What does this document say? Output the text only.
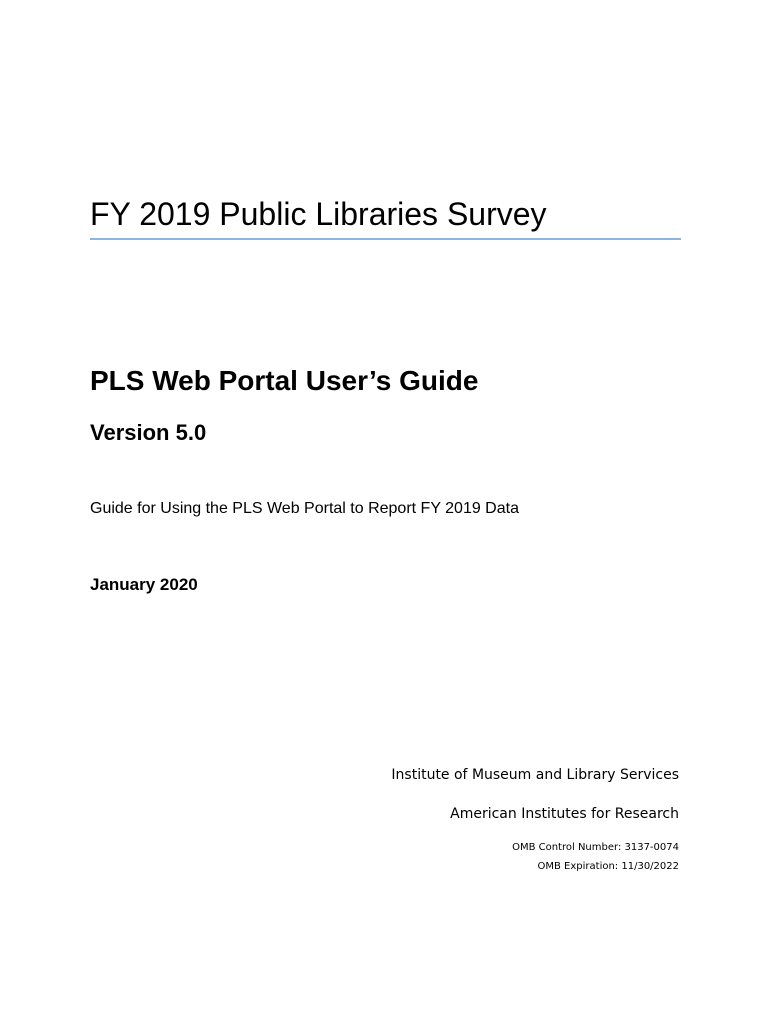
FY 2019 Public Libraries Survey
PLS Web Portal User’s Guide
Version 5.0
Guide for Using the PLS Web Portal to Report FY 2019 Data
January 2020
Institute of Museum and Library Services
American Institutes for Research
OMB Control Number: 3137-0074
OMB Expiration: 11/30/2022
